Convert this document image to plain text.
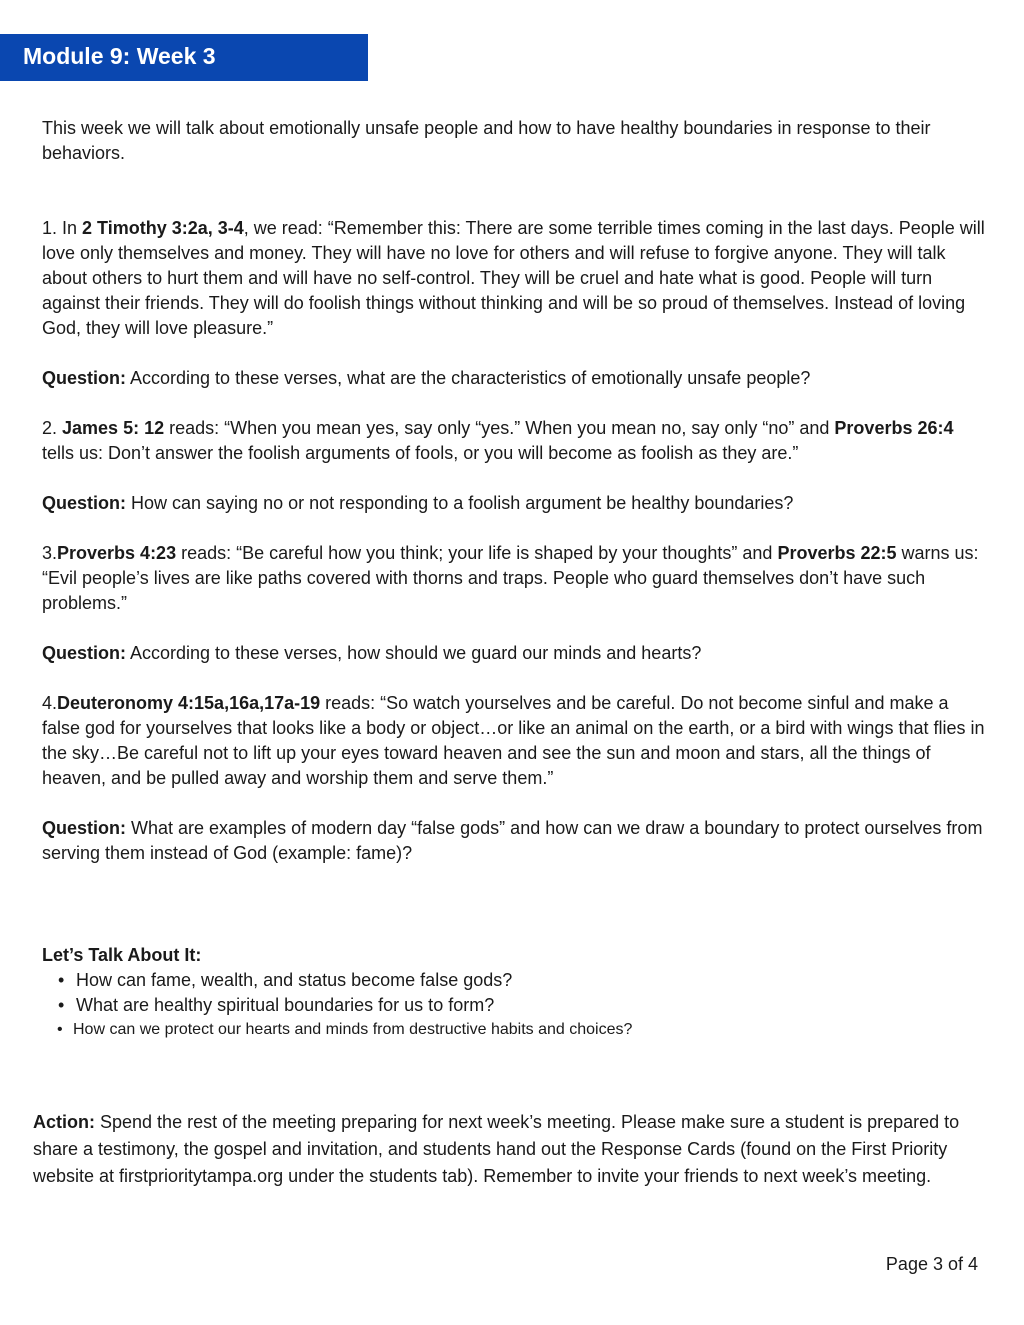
Module 9: Week 3

This week we will talk about emotionally unsafe people and how to have healthy boundaries in response to their behaviors.

1. In 2 Timothy 3:2a, 3-4, we read: “Remember this: There are some terrible times coming in the last days. People will love only themselves and money. They will have no love for others and will refuse to forgive anyone. They will talk about others to hurt them and will have no self-control. They will be cruel and hate what is good. People will turn against their friends. They will do foolish things without thinking and will be so proud of themselves. Instead of loving God, they will love pleasure.”

Question: According to these verses, what are the characteristics of emotionally unsafe people?

2. James 5: 12 reads: “When you mean yes, say only “yes.” When you mean no, say only “no” and Proverbs 26:4 tells us: Don’t answer the foolish arguments of fools, or you will become as foolish as they are.”

Question: How can saying no or not responding to a foolish argument be healthy boundaries?

3.Proverbs 4:23 reads: “Be careful how you think; your life is shaped by your thoughts” and Proverbs 22:5 warns us: “Evil people’s lives are like paths covered with thorns and traps. People who guard themselves don’t have such problems.”

Question: According to these verses, how should we guard our minds and hearts?

4.Deuteronomy 4:15a,16a,17a-19 reads: “So watch yourselves and be careful. Do not become sinful and make a false god for yourselves that looks like a body or object…or like an animal on the earth, or a bird with wings that flies in the sky…Be careful not to lift up your eyes toward heaven and see the sun and moon and stars, all the things of heaven, and be pulled away and worship them and serve them.”

Question: What are examples of modern day “false gods” and how can we draw a boundary to protect ourselves from serving them instead of God (example: fame)?

Let’s Talk About It:

• How can fame, wealth, and status become false gods?
• What are healthy spiritual boundaries for us to form?
• How can we protect our hearts and minds from destructive habits and choices?

Action: Spend the rest of the meeting preparing for next week’s meeting. Please make sure a student is prepared to share a testimony, the gospel and invitation, and students hand out the Response Cards (found on the First Priority website at firstprioritytampa.org under the students tab). Remember to invite your friends to next week’s meeting.

Page 3 of 4
